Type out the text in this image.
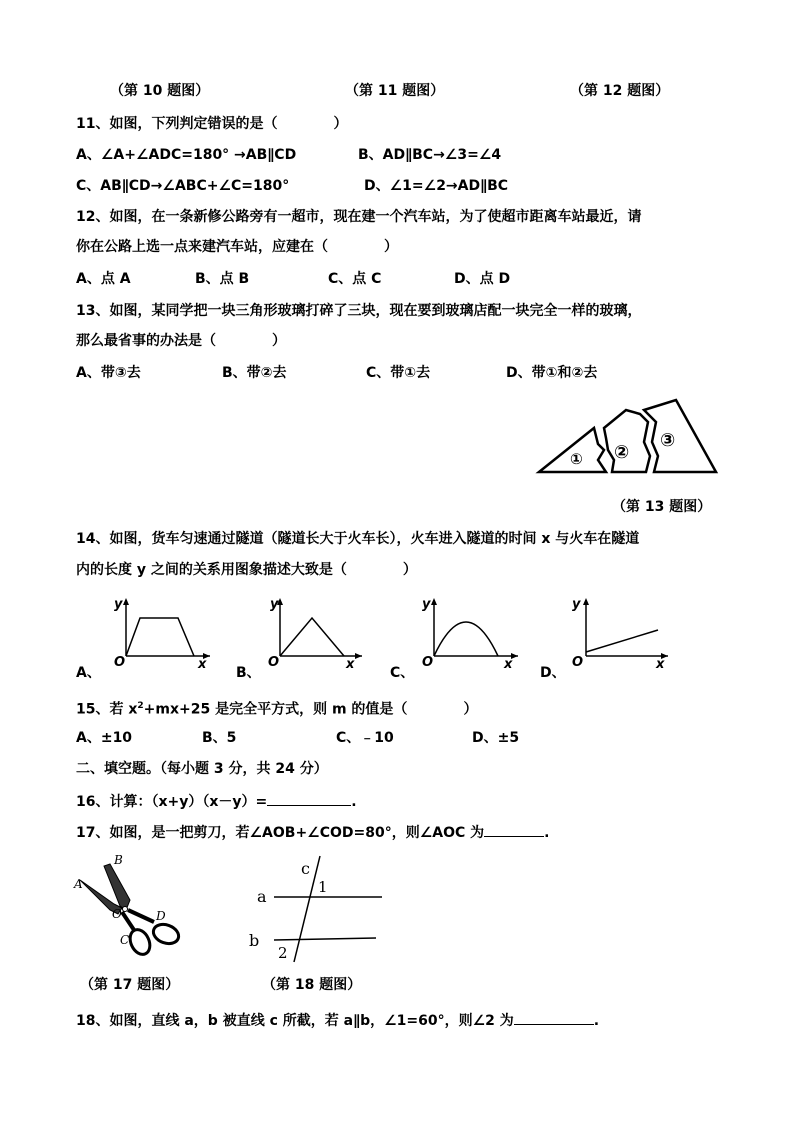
（第 10 题图）	（第 11 题图）	（第 12 题图）
11、如图，下列判定错误的是（	）
A、∠A+∠ADC=180° →AB∥CD	B、AD∥BC→∠3=∠4
C、AB∥CD→∠ABC+∠C=180°	D、∠1=∠2→AD∥BC
12、如图，在一条新修公路旁有一超市，现在建一个汽车站，为了使超市距离车站最近，请
你在公路上选一点来建汽车站，应建在（	）
A、点 A	B、点 B	C、点 C	D、点 D
13、如图，某同学把一块三角形玻璃打碎了三块，现在要到玻璃店配一块完全一样的玻璃，
那么最省事的办法是（	）
A、带③去	B、带②去	C、带①去	D、带①和②去
① ②
③
（第 13 题图）
14、如图，货车匀速通过隧道（隧道长大于火车长），火车进入隧道的时间 x 与火车在隧道
内的长度 y 之间的关系用图象描述大致是（	）
A、
y
O	x
B、
y
O	x
C、
y
O	x
D、
y
O	x
15、若 $x^2+mx+25$ 是完全平方式，则 m 的值是（	）
A、±10	B、5	C、﹣10	D、±5
二、填空题。（每小题 3 分，共 24 分）
16、计算：（x+y）（x－y）=	.
17、如图，是一把剪刀，若∠AOB+∠COD=80°，则∠AOC 为	.
A
B
O
C
D
c
1
a
b
2
（第 17 题图）	（第 18 题图）
18、如图，直线 a，b 被直线 c 所截，若 a∥b，∠1=60°，则∠2 为	.
